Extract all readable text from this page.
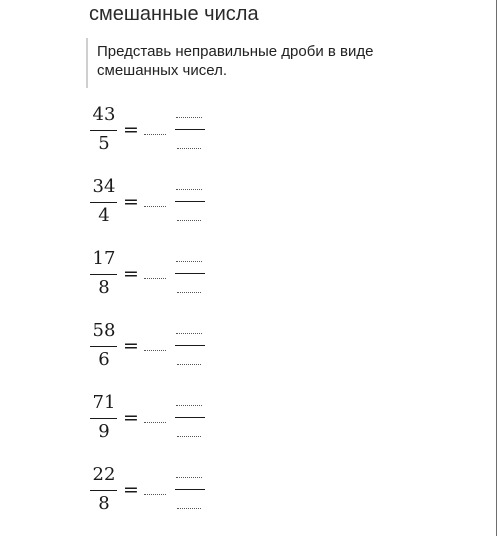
смешанные числа
Представь неправильные дроби в виде смешанных чисел.
43
5
=
34
4
=
17
8
=
58
6
=
71
9
=
22
8
=
